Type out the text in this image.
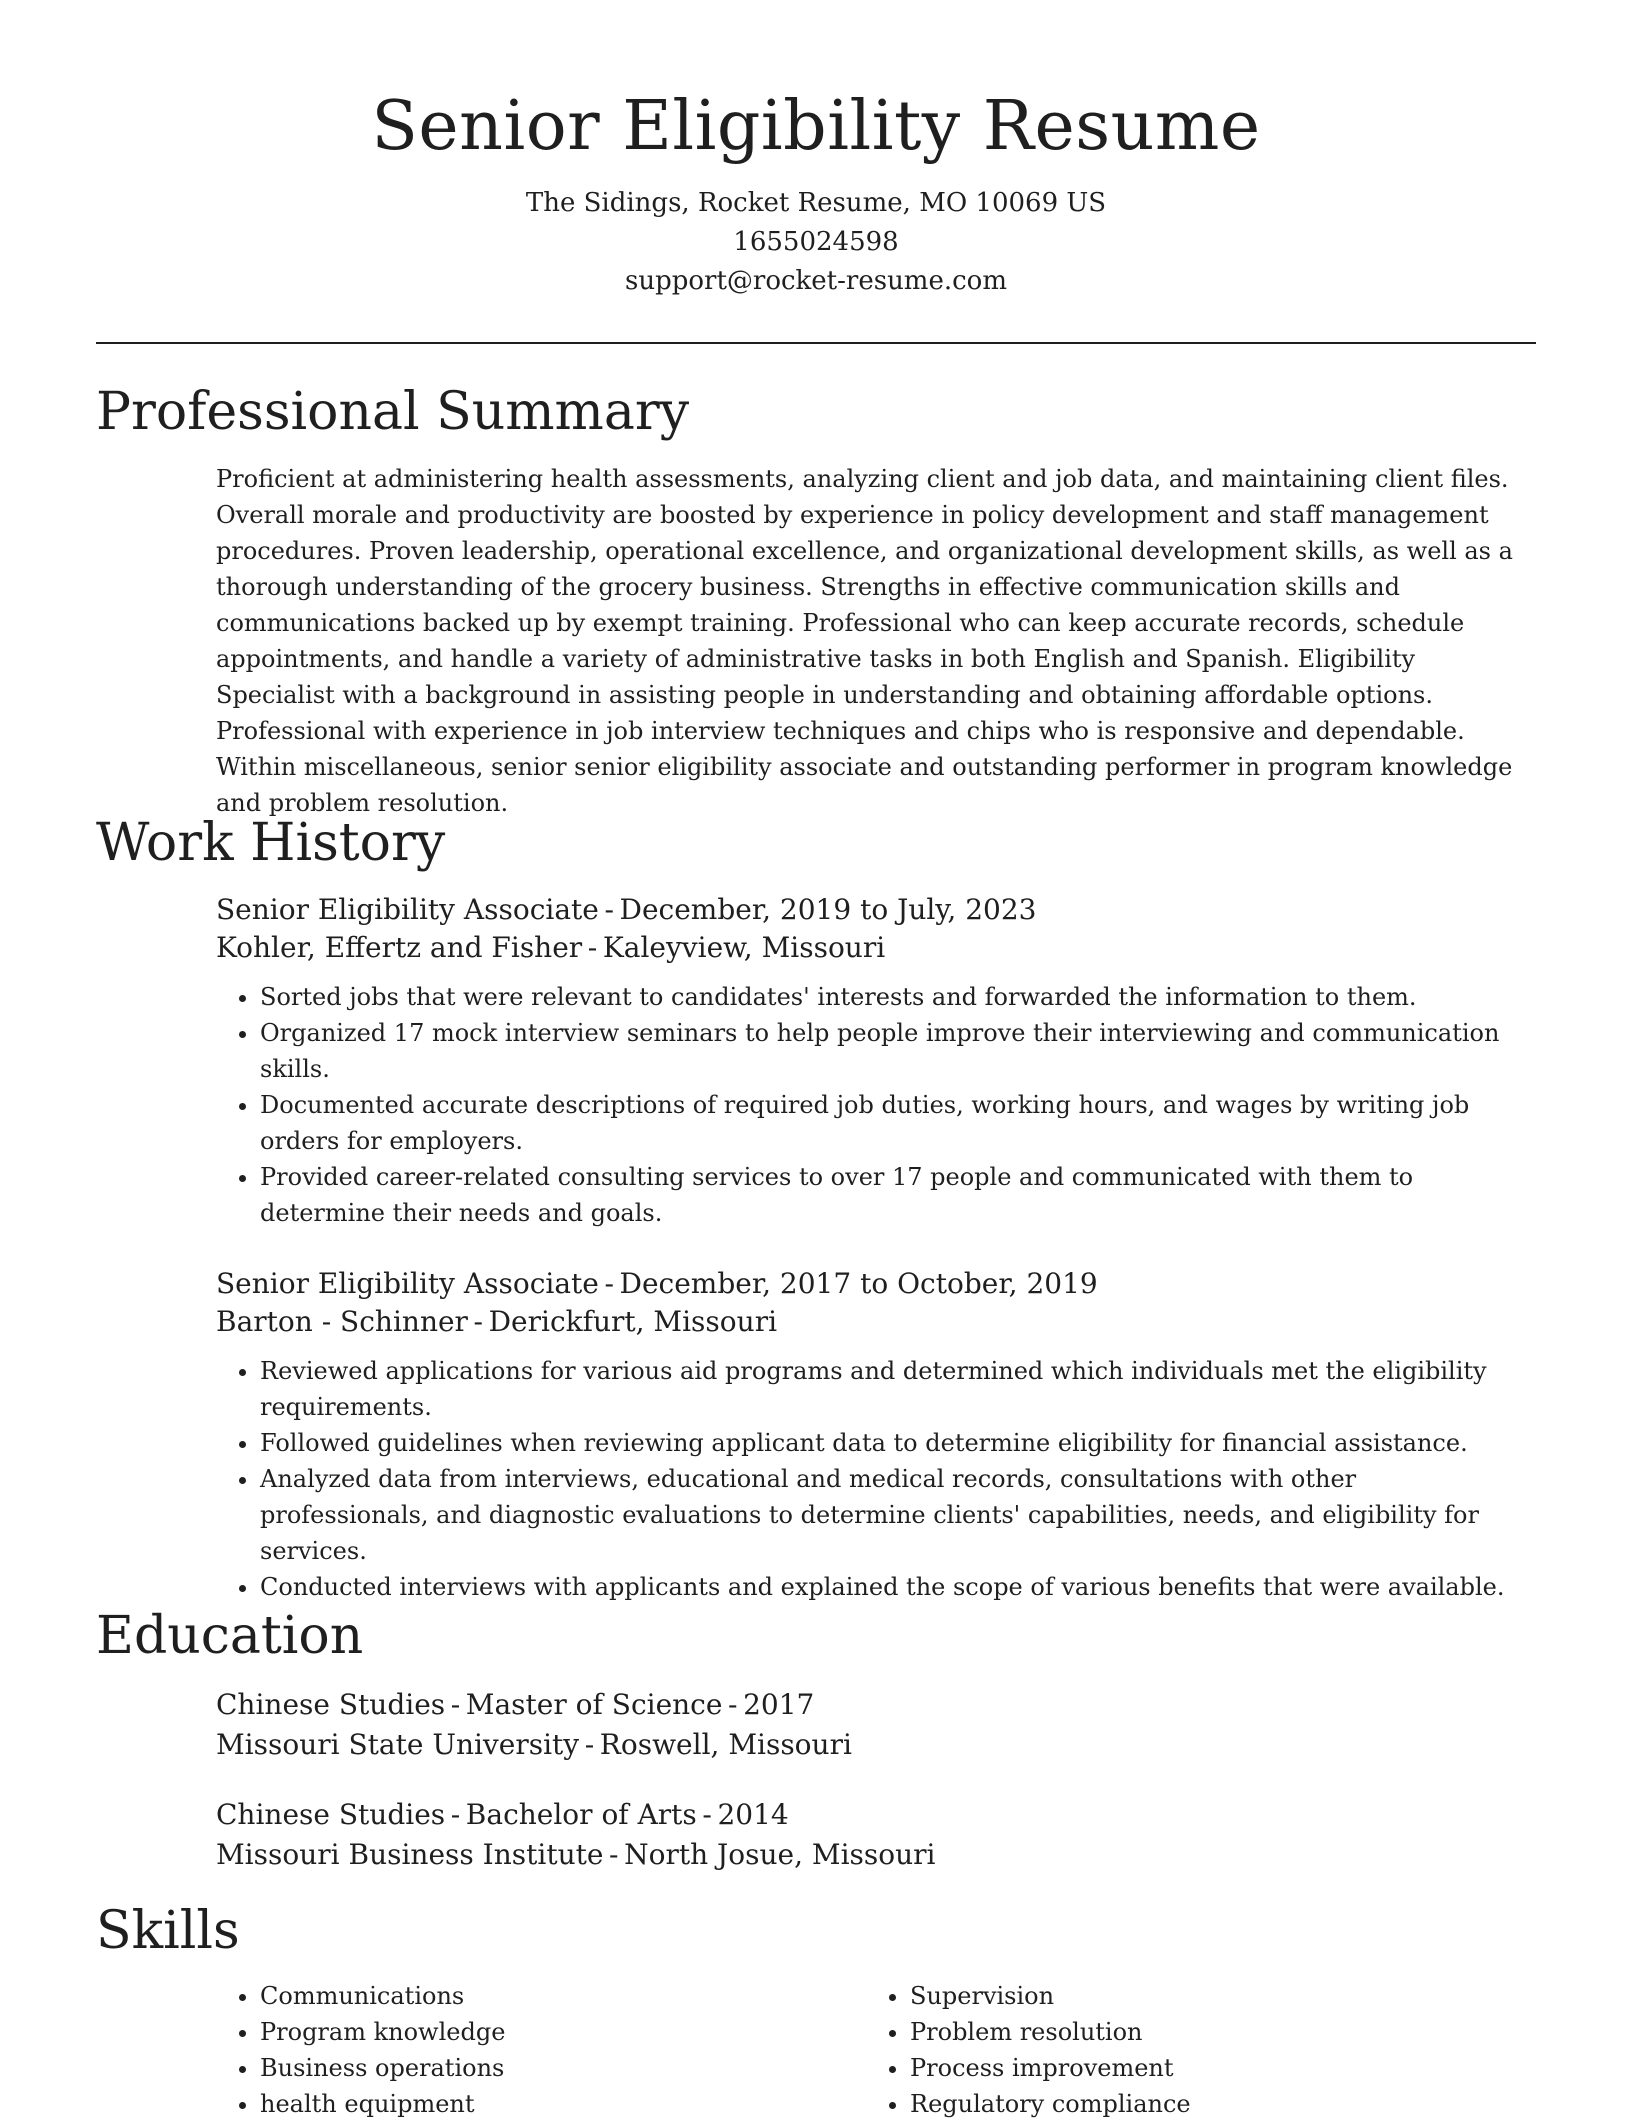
Senior Eligibility Resume
The Sidings, Rocket Resume, MO 10069 US
1655024598
support@rocket-resume.com
Professional Summary

Proficient at administering health assessments, analyzing client and job data, and maintaining client files. Overall morale and productivity are boosted by experience in policy development and staff management procedures. Proven leadership, operational excellence, and organizational development skills, as well as a thorough understanding of the grocery business. Strengths in effective communication skills and communications backed up by exempt training. Professional who can keep accurate records, schedule appointments, and handle a variety of administrative tasks in both English and Spanish. Eligibility Specialist with a background in assisting people in understanding and obtaining affordable options. Professional with experience in job interview techniques and chips who is responsive and dependable. Within miscellaneous, senior senior eligibility associate and outstanding performer in program knowledge and problem resolution.

Work History

Senior Eligibility Associate - December, 2019 to July, 2023

Kohler, Effertz and Fisher - Kaleyview, Missouri

• Sorted jobs that were relevant to candidates' interests and forwarded the information to them.
• Organized 17 mock interview seminars to help people improve their interviewing and communication skills.
• Documented accurate descriptions of required job duties, working hours, and wages by writing job orders for employers.
• Provided career-related consulting services to over 17 people and communicated with them to determine their needs and goals.

Senior Eligibility Associate - December, 2017 to October, 2019

Barton - Schinner - Derickfurt, Missouri

• Reviewed applications for various aid programs and determined which individuals met the eligibility requirements.
• Followed guidelines when reviewing applicant data to determine eligibility for financial assistance.
• Analyzed data from interviews, educational and medical records, consultations with other professionals, and diagnostic evaluations to determine clients' capabilities, needs, and eligibility for services.
• Conducted interviews with applicants and explained the scope of various benefits that were available.
Education

Chinese Studies - Master of Science - 2017

Missouri State University - Roswell, Missouri

Chinese Studies - Bachelor of Arts - 2014

Missouri Business Institute - North Josue, Missouri

Skills
• Communications
• Program knowledge
• Business operations
• health equipment
• Supervision
• Problem resolution
• Process improvement
• Regulatory compliance
